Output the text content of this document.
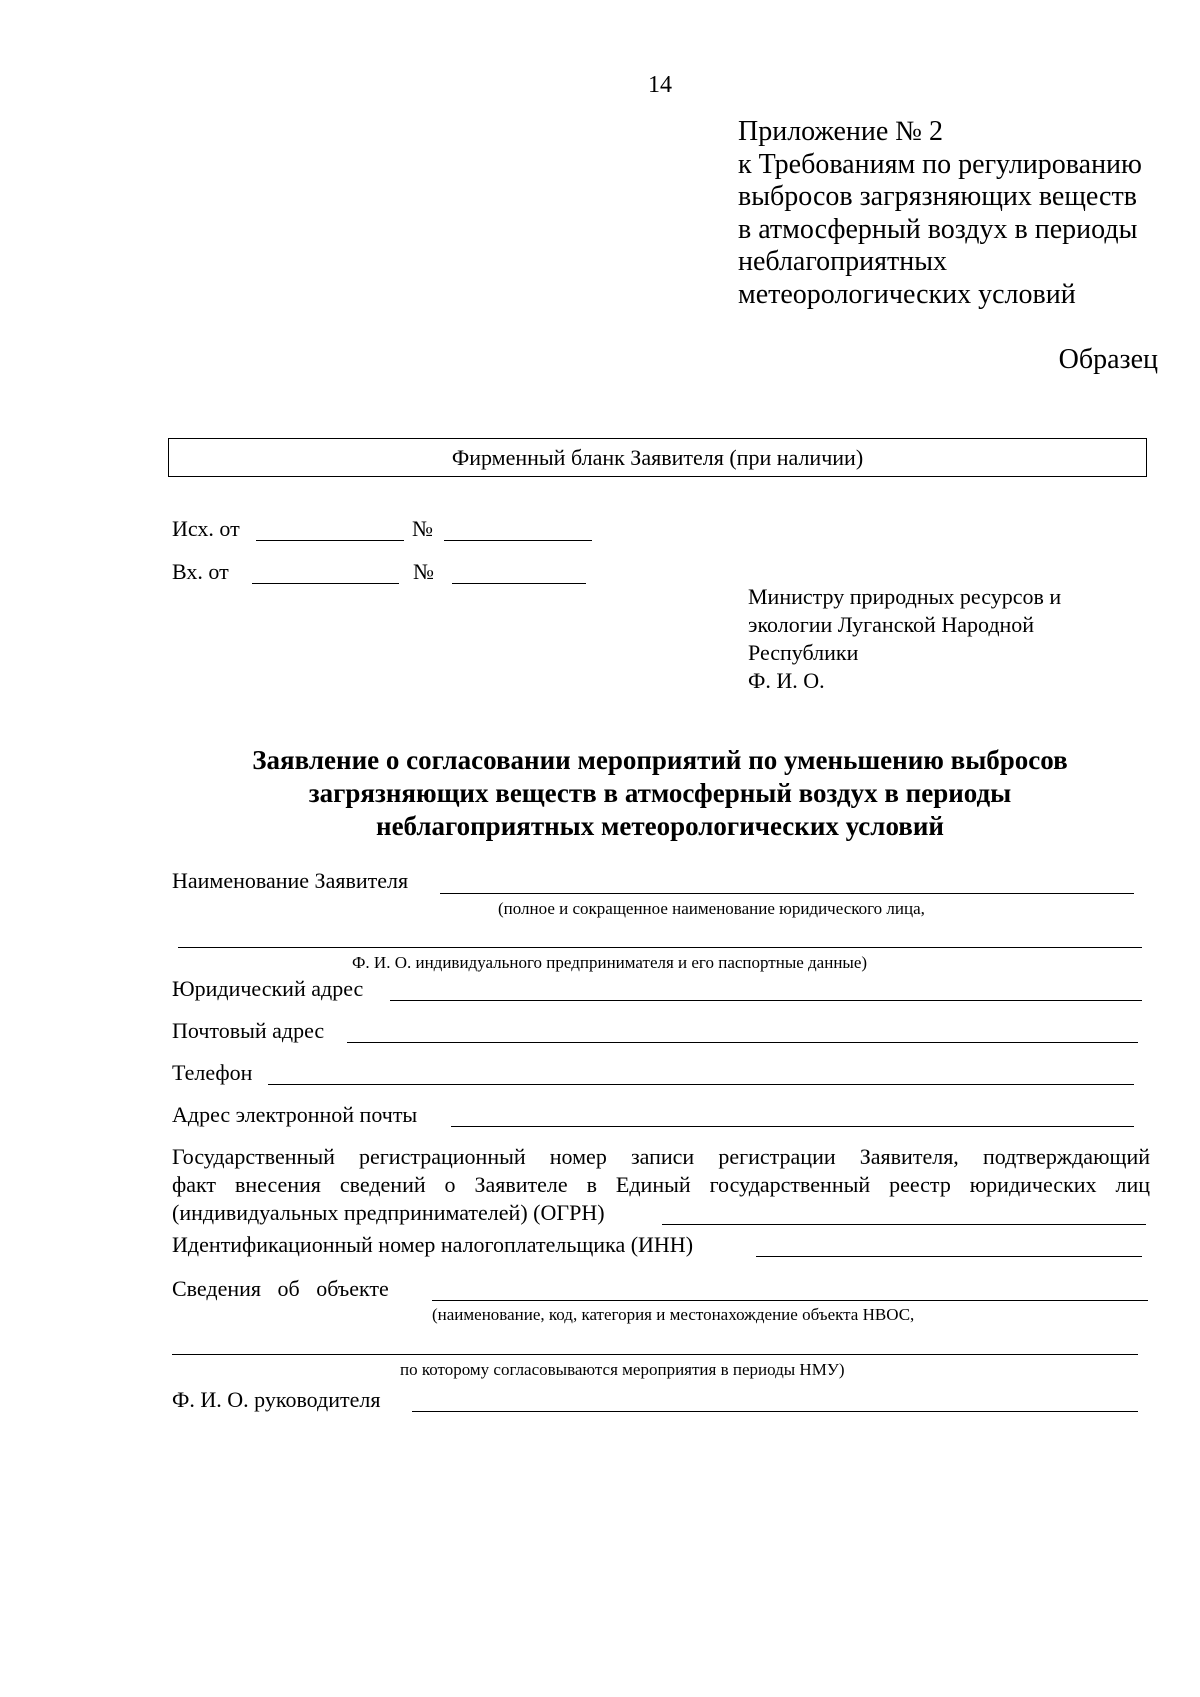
14
Приложение № 2
к Требованиям по регулированию
выбросов загрязняющих веществ
в атмосферный воздух в периоды
неблагоприятных
метеорологических условий
Образец
Фирменный бланк Заявителя (при наличии)
Исх. от	№
Вх. от	№
Министру природных ресурсов и
экологии Луганской Народной
Республики
Ф. И. О.
Заявление о согласовании мероприятий по уменьшению выбросов
загрязняющих веществ в атмосферный воздух в периоды
неблагоприятных метеорологических условий
Наименование Заявителя
(полное и сокращенное наименование юридического лица,
Ф. И. О. индивидуального предпринимателя и его паспортные данные)
Юридический адрес
Почтовый адрес
Телефон
Адрес электронной почты
Государственный регистрационный номер записи регистрации Заявителя, подтверждающий
факт внесения сведений о Заявителе в Единый государственный реестр юридических лиц
(индивидуальных предпринимателей) (ОГРН)
Идентификационный номер налогоплательщика (ИНН)
Сведения   об   объекте
(наименование, код, категория и местонахождение объекта НВОС,
по которому согласовываются мероприятия в периоды НМУ)
Ф. И. О. руководителя
